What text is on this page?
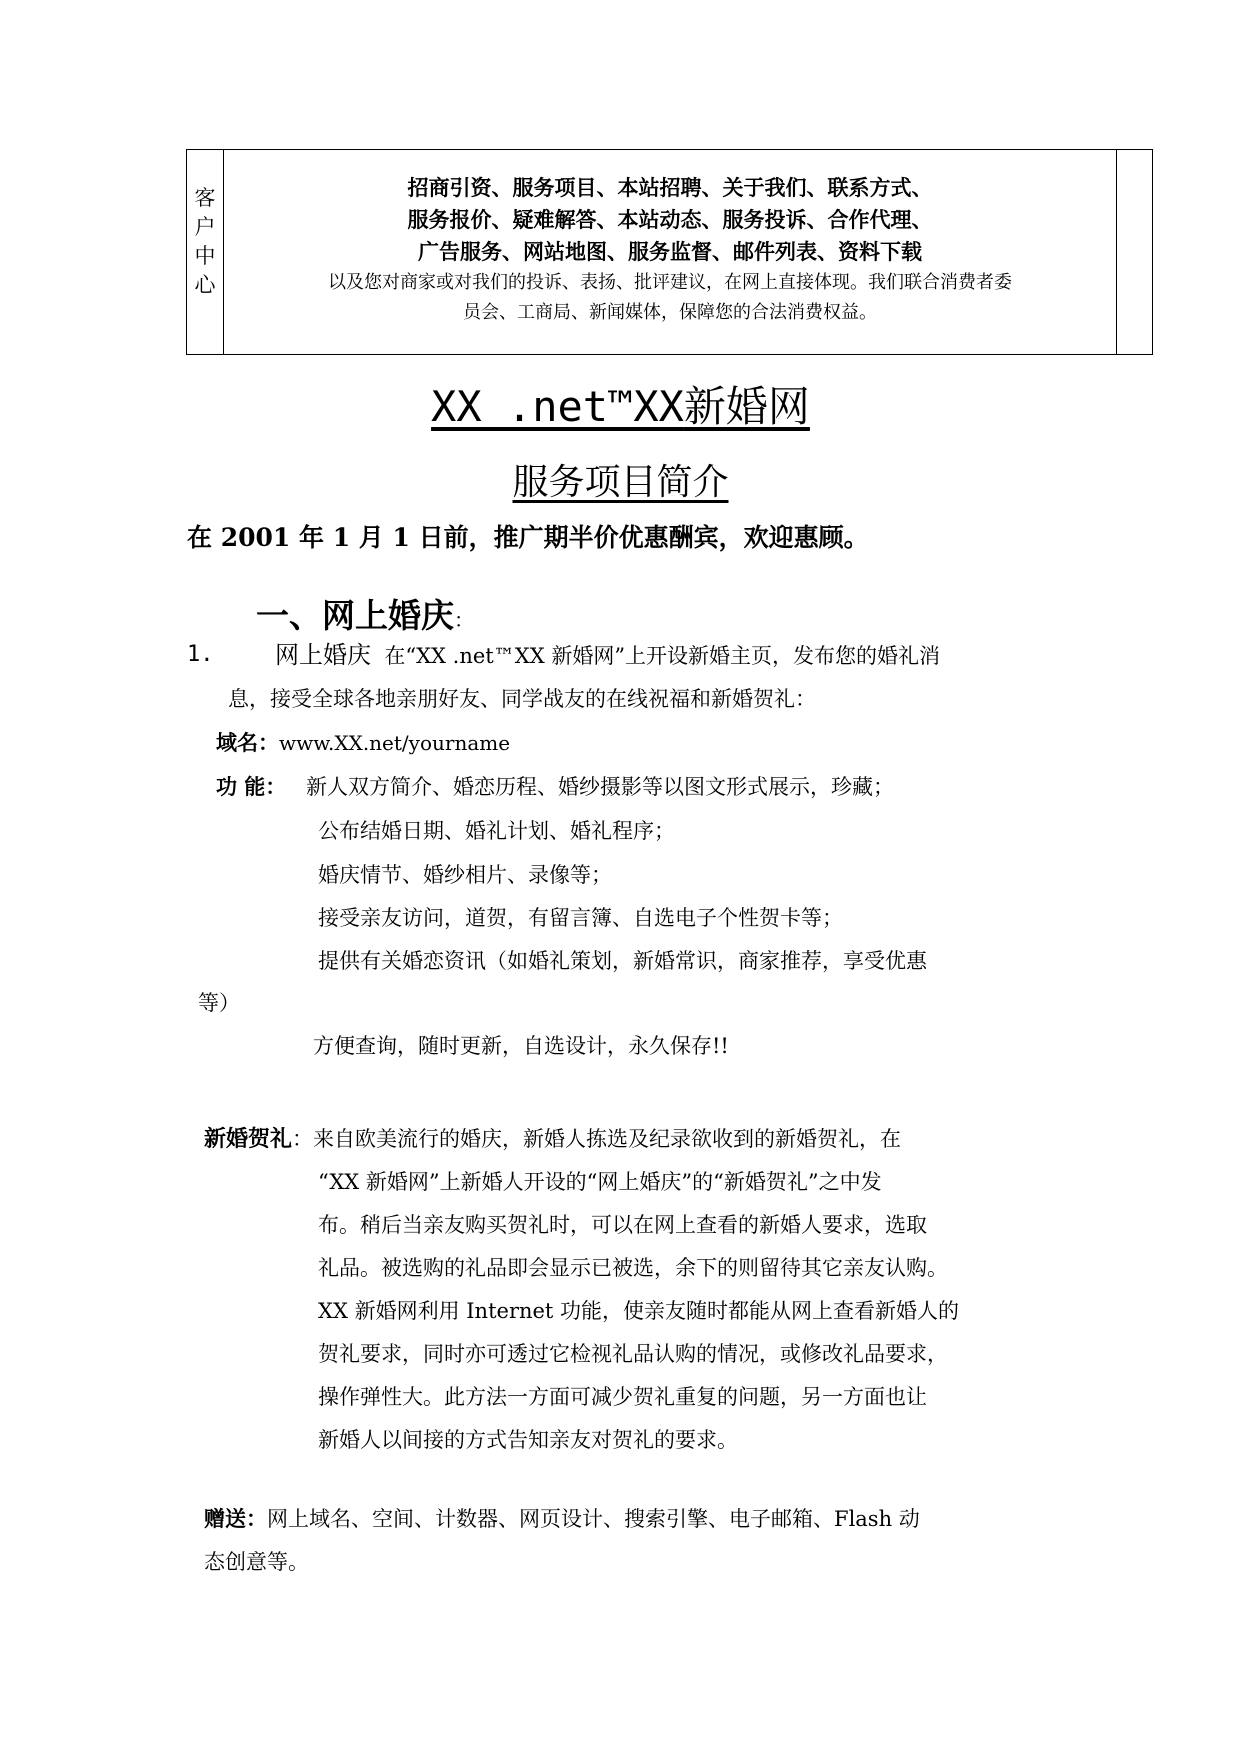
客
户
中
心
招商引资、服务项目、本站招聘、关于我们、联系方式、
服务报价、疑难解答、本站动态、服务投诉、合作代理、
广告服务、网站地图、服务监督、邮件列表、资料下载
以及您对商家或对我们的投诉、表扬、批评建议，在网上直接体现。我们联合消费者委
员会、工商局、新闻媒体，保障您的合法消费权益。
XX .net™XX新婚网
服务项目简介
在 2001 年 1 月 1 日前，推广期半价优惠酬宾，欢迎惠顾。
一、网上婚庆：
1.	网上婚庆 在“XX .net™XX 新婚网”上开设新婚主页，发布您的婚礼消
息，接受全球各地亲朋好友、同学战友的在线祝福和新婚贺礼：
域名：www.XX.net/yourname
功 能： 新人双方简介、婚恋历程、婚纱摄影等以图文形式展示，珍藏；
公布结婚日期、婚礼计划、婚礼程序；
婚庆情节、婚纱相片、录像等；
接受亲友访问，道贺，有留言簿、自选电子个性贺卡等；
提供有关婚恋资讯（如婚礼策划，新婚常识，商家推荐，享受优惠
等）
方便查询，随时更新，自选设计，永久保存!!
新婚贺礼：来自欧美流行的婚庆，新婚人拣选及纪录欲收到的新婚贺礼，在
“XX 新婚网”上新婚人开设的“网上婚庆”的“新婚贺礼”之中发
布。稍后当亲友购买贺礼时，可以在网上查看的新婚人要求，选取
礼品。被选购的礼品即会显示已被选，余下的则留待其它亲友认购。
XX 新婚网利用 Internet 功能，使亲友随时都能从网上查看新婚人的
贺礼要求，同时亦可透过它检视礼品认购的情况，或修改礼品要求，
操作弹性大。此方法一方面可减少贺礼重复的问题，另一方面也让
新婚人以间接的方式告知亲友对贺礼的要求。
赠送：网上域名、空间、计数器、网页设计、搜索引擎、电子邮箱、Flash 动
态创意等。
